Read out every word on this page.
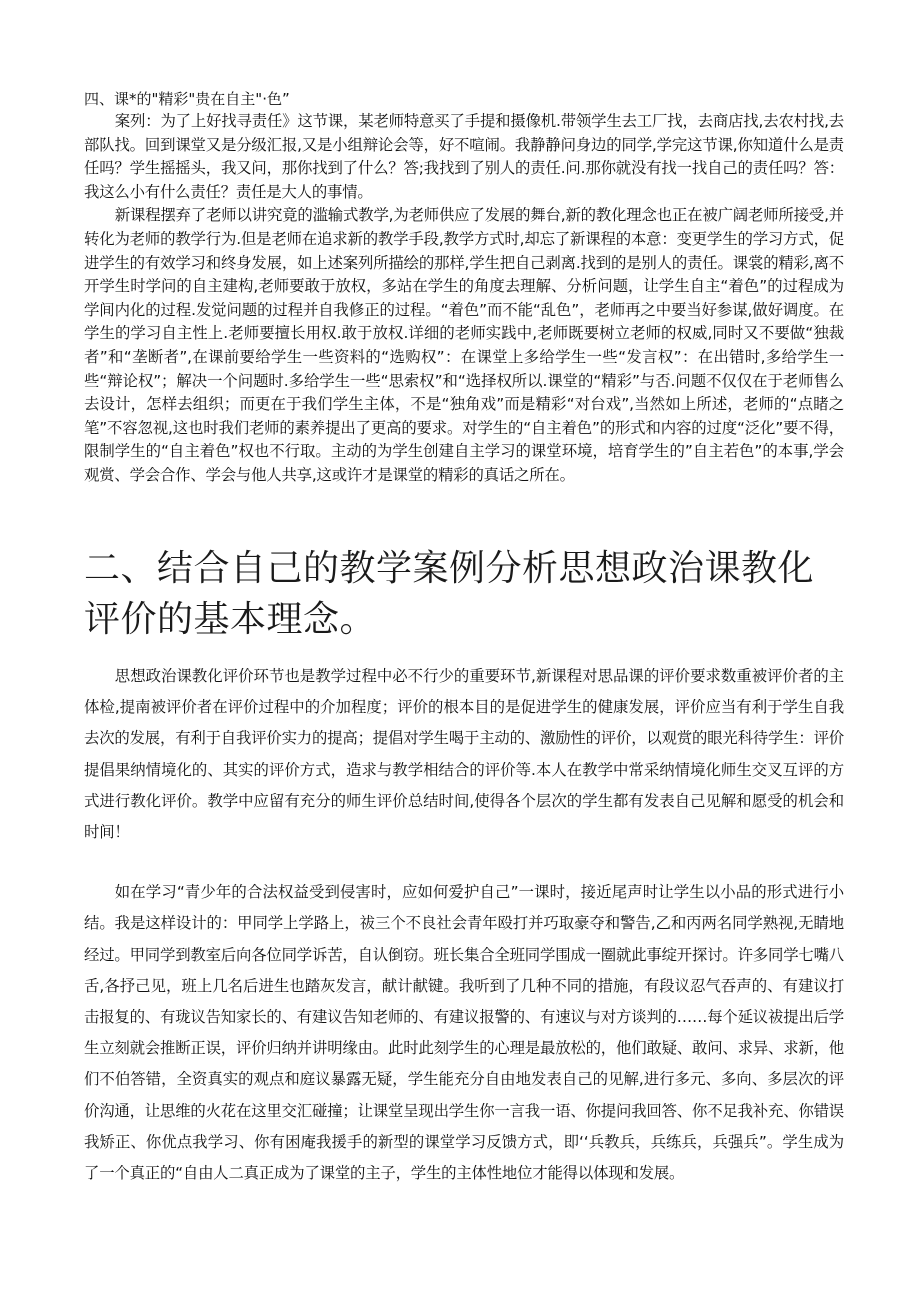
四、课*的"精彩"贵在自主"·色”

案列：为了上好找寻责任》这节课，某老师特意买了手提和摄像机.带领学生去工厂找，去商店找,去农村找,去部队找。回到课堂又是分级汇报,又是小组辩论会等，好不喧闹。我静静问身边的同学,学完这节课,你知道什么是责任吗？学生摇摇头，我又问，那你找到了什么？答;我找到了别人的责任.问.那你就没有找一找自己的责任吗？答：我这么小有什么责任？责任是大人的事情。

新课程摆弃了老师以讲究竟的滥输式教学,为老师供应了发展的舞台,新的教化理念也正在被广阔老师所接受,并转化为老师的教学行为.但是老师在追求新的教学手段,教学方式时,却忘了新课程的本意：变更学生的学习方式，促进学生的有效学习和终身发展，如上述案列所描绘的那样,学生把自己剥离.找到的是别人的责任。课裳的精彩,离不开学生时学问的自主建构,老师要敢于放权，多站在学生的角度去理解、分析问题，让学生自主“着色”的过程成为学间内化的过程.发觉问题的过程并自我修正的过程。“着色”而不能“乱色”，老师再之中要当好参谋,做好调度。在学生的学习自主性上.老师要擅长用权.敢于放权.详细的老师实践中,老师既要树立老师的权威,同时又不要做“独裁者”和“垄断者”,在课前要给学生一些资料的“选购权”：在课堂上多给学生一些“发言权”：在出错时,多给学生一些“辩论权”；解决一个问题时.多给学生一些“思索权”和“选择权所以.课堂的“精彩”与否.问题不仅仅在于老师售么去设计，怎样去组织；而更在于我们学生主体，不是“独角戏”而是精彩“对台戏”,当然如上所述，老师的“点睹之笔”不容忽视,这也时我们老师的素养提出了更高的要求。对学生的“自主着色”的形式和内容的过度“泛化”要不得，限制学生的“自主着色”权也不行取。主动的为学生创建自主学习的课堂环境，培育学生的”自主若色”的本事,学会观赏、学会合作、学会与他人共享,这或许才是课堂的精彩的真话之所在。

二、结合自己的教学案例分析思想政治课教化评价的基本理念。

思想政治课教化评价环节也是教学过程中必不行少的重要环节,新课程对思品课的评价要求数重被评价者的主体检,提南被评价者在评价过程中的介加程度；评价的根本目的是促进学生的健康发展，评价应当有利于学生自我去次的发展，有利于自我评价实力的提高；提倡对学生喝于主动的、激励性的评价，以观赏的眼光科待学生：评价提倡果纳情境化的、其实的评价方式，造求与教学相结合的评价等.本人在教学中常采纳情境化师生交叉互评的方式进行教化评价。教学中应留有充分的师生评价总结时间,使得各个层次的学生都有发表自己见解和愿受的机会和时间！

如在学习“青少年的合法权益受到侵害时，应如何爱护自己”一课时，接近尾声时让学生以小品的形式进行小结。我是这样设计的：甲同学上学路上，祓三个不良社会青年殴打并巧取豪夺和警告,乙和丙两名同学熟视,无睛地经过。甲同学到教室后向各位同学诉苦，自认倒窃。班长集合全班同学围成一圈就此事绽开探讨。许多同学七嘴八舌,各抒己见，班上几名后进生也踏灰发言，献计献键。我听到了几种不同的措施，有段议忍气吞声的、有建议打击报复的、有珑议告知家长的、有建议告知老师的、有建议报警的、有速议与对方谈判的……每个延议祓提出后学生立刻就会推断正误，评价归纳并讲明缘由。此时此刻学生的心理是最放松的，他们敢疑、敢问、求异、求新，他们不伯答错，全资真实的观点和庭议暴露无疑，学生能充分自由地发表自己的见解,进行多元、多向、多层次的评价沟通，让思维的火花在这里交汇碰撞；让课堂呈现出学生你一言我一语、你提问我回答、你不足我补充、你错误我矫正、你优点我学习、你有困庵我援手的新型的课堂学习反馈方式，即‘‘兵教兵，兵练兵，兵强兵”。学生成为了一个真正的“自由人二真正成为了课堂的主子，学生的主体性地位才能得以体现和发展。
